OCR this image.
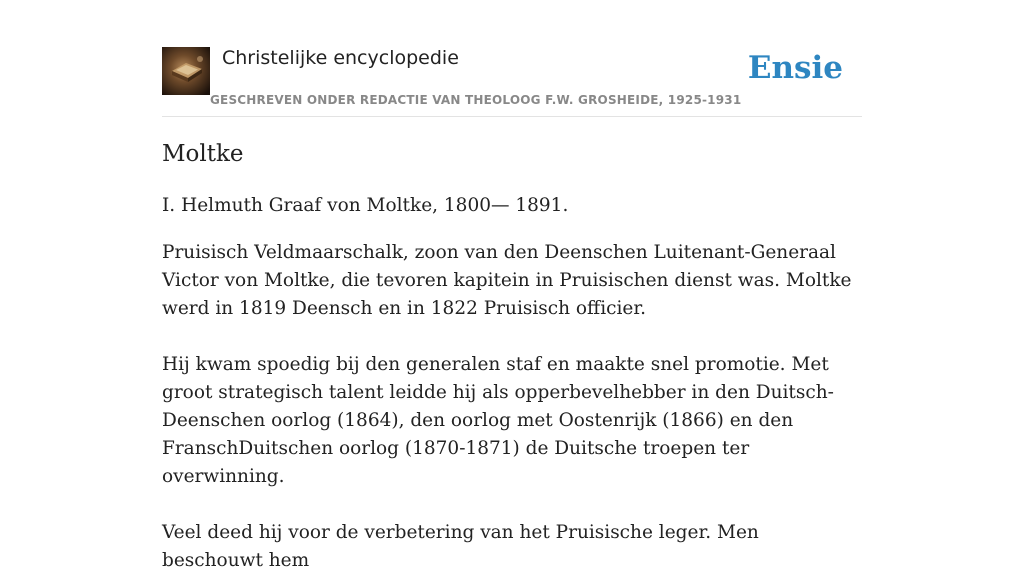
Christelijke encyclopedie
GESCHREVEN ONDER REDACTIE VAN THEOLOOG F.W. GROSHEIDE, 1925-1931
Ensie
Moltke

I. Helmuth Graaf von Moltke, 1800— 1891.

Pruisisch Veldmaarschalk, zoon van den Deenschen Luitenant-Generaal Victor von Moltke, die tevoren kapitein in Pruisischen dienst was. Moltke werd in 1819 Deensch en in 1822 Pruisisch officier.

Hij kwam spoedig bij den generalen staf en maakte snel promotie. Met groot strategisch talent leidde hij als opperbevelhebber in den Duitsch-Deenschen oorlog (1864), den oorlog met Oostenrijk (1866) en den FranschDuitschen oorlog (1870-1871) de Duitsche troepen ter overwinning.

Veel deed hij voor de verbetering van het Pruisische leger. Men beschouwt hem
